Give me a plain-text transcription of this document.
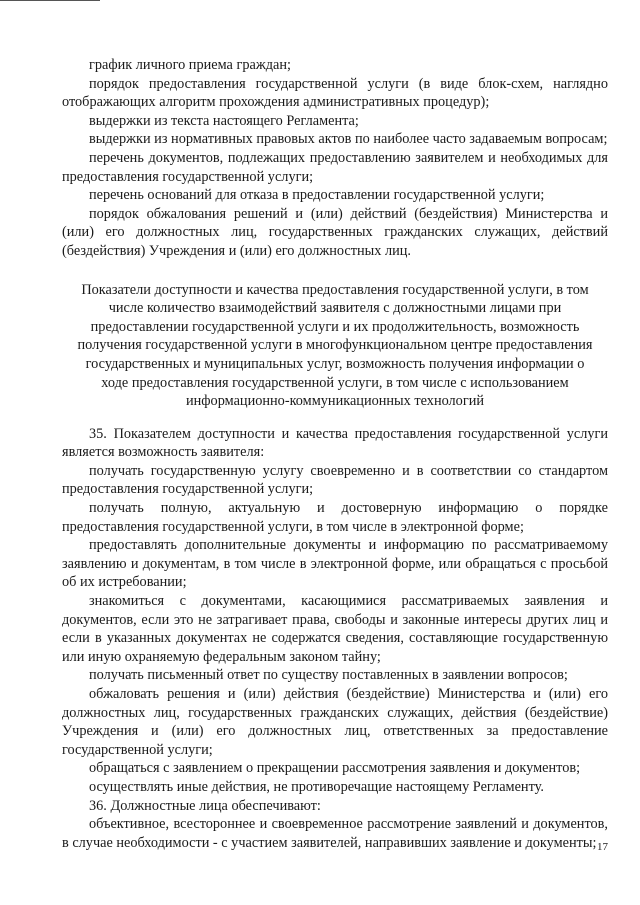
график личного приема граждан;

порядок предоставления государственной услуги (в виде блок-схем, наглядно отображающих алгоритм прохождения административных процедур);

выдержки из текста настоящего Регламента;

выдержки из нормативных правовых актов по наиболее часто задаваемым вопросам;

перечень документов, подлежащих предоставлению заявителем и необходимых для предоставления государственной услуги;

перечень оснований для отказа в предоставлении государственной услуги;

порядок обжалования решений и (или) действий (бездействия) Министерства и (или) его должностных лиц, государственных гражданских служащих, действий (бездействия) Учреждения и (или) его должностных лиц.

Показатели доступности и качества предоставления государственной услуги, в том
числе количество взаимодействий заявителя с должностными лицами при
предоставлении государственной услуги и их продолжительность, возможность
получения государственной услуги в многофункциональном центре предоставления
государственных и муниципальных услуг, возможность получения информации о
ходе предоставления государственной услуги, в том числе с использованием
информационно-коммуникационных технологий

35. Показателем доступности и качества предоставления государственной услуги является возможность заявителя:

получать государственную услугу своевременно и в соответствии со стандартом предоставления государственной услуги;

получать полную, актуальную и достоверную информацию о порядке предоставления государственной услуги, в том числе в электронной форме;

предоставлять дополнительные документы и информацию по рассматриваемому заявлению и документам, в том числе в электронной форме, или обращаться с просьбой об их истребовании;

знакомиться с документами, касающимися рассматриваемых заявления и документов, если это не затрагивает права, свободы и законные интересы других лиц и если в указанных документах не содержатся сведения, составляющие государственную или иную охраняемую федеральным законом тайну;

получать письменный ответ по существу поставленных в заявлении вопросов;

обжаловать решения и (или) действия (бездействие) Министерства и (или) его должностных лиц, государственных гражданских служащих, действия (бездействие) Учреждения и (или) его должностных лиц, ответственных за предоставление государственной услуги;

обращаться с заявлением о прекращении рассмотрения заявления и документов;

осуществлять иные действия, не противоречащие настоящему Регламенту.

36. Должностные лица обеспечивают:

объективное, всестороннее и своевременное рассмотрение заявлений и документов, в случае необходимости - с участием заявителей, направивших заявление и документы; 17
